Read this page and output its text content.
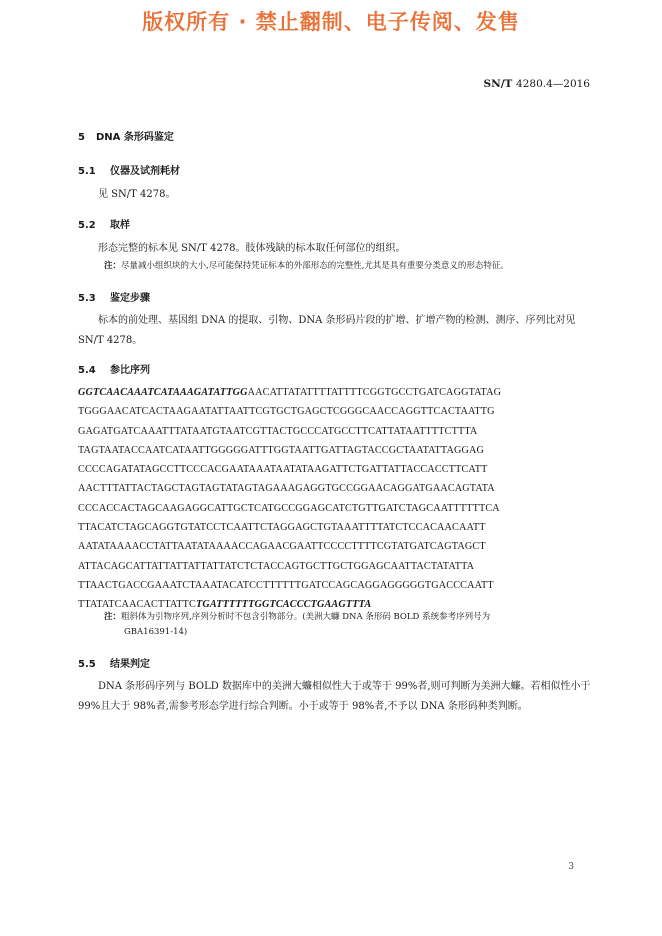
版权所有 · 禁止翻制、电子传阅、发售
SN/T 4280.4—2016
5 DNA 条形码鉴定
5.1 仪器及试剂耗材
见 SN/T 4278。
5.2 取样
形态完整的标本见 SN/T 4278。肢体残缺的标本取任何部位的组织。
注：尽量减小组织块的大小,尽可能保持凭证标本的外部形态的完整性,尤其是具有重要分类意义的形态特征。
5.3 鉴定步骤
标本的前处理、基因组 DNA 的提取、引物、DNA 条形码片段的扩增、扩增产物的检测、测序、序列比对见 SN/T 4278。
5.4 参比序列
GGTCAACAAATCATAAAGATATTGGAACATTATATTTTATTTTCGGTGCCTGATCAGGTATAG
TGGGAACATCACTAAGAATATTAATTCGTGCTGAGCTCGGGCAACCAGGTTCACTAATTG
GAGATGATCAAATTTATAATGTAATCGTTACTGCCCATGCCTTCATTATAATTTTCTTTA
TAGTAATACCAATCATAATTGGGGGATTTGGTAATTGATTAGTACCGCTAATATTAGGAG
CCCCAGATATAGCCTTCCCACGAATAAATAATATAAGATTCTGATTATTACCACCTTCATT
AACTTTATTACTAGCTAGTAGTATAGTAGAAAGAGGTGCCGGAACAGGATGAACAGTATA
CCCACCACTAGCAAGAGGCATTGCTCATGCCGGAGCATCTGTTGATCTAGCAATTTTTTCA
TTACATCTAGCAGGTGTATCCTCAATTCTAGGAGCTGTAAATTTTATCTCCACAACAATT
AATATAAAACCTATTAATATAAAACCAGAACGAATTCCCCTTTTCGTATGATCAGTAGCT
ATTACAGCATTATTATTATTATTATCTCTACCAGTGCTTGCTGGAGCAATTACTATATTA
TTAACTGACCGAAATCTAAATACATCCTTTTTTGATCCAGCAGGAGGGGGTGACCCAATT
TTATATCAACACTTATTCTGATTTTTTGGTCACCCTGAAGTTTA
注：粗斜体为引物序列,序列分析时不包含引物部分。(美洲大蠊 DNA 条形码 BOLD 系统参考序列号为
GBA16391-14)
5.5 结果判定
DNA 条形码序列与 BOLD 数据库中的美洲大蠊相似性大于或等于 99%者,则可判断为美洲大蠊。若相似性小于 99%且大于 98%者,需参考形态学进行综合判断。小于或等于 98%者,不予以 DNA 条形码种类判断。
3
